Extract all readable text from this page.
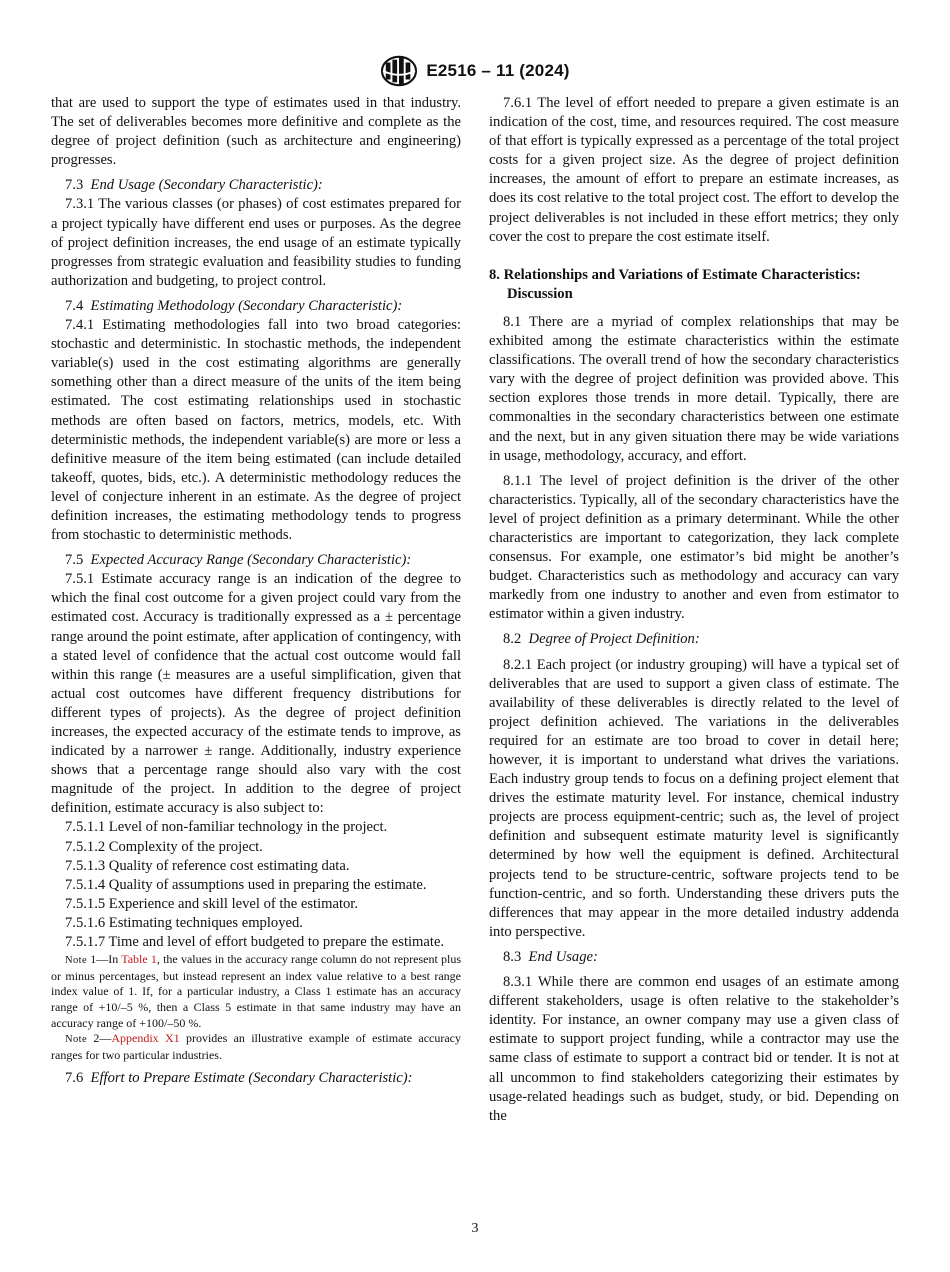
E2516 – 11 (2024)

that are used to support the type of estimates used in that industry. The set of deliverables becomes more definitive and complete as the degree of project definition (such as architecture and engineering) progresses.

7.3 End Usage (Secondary Characteristic):

7.3.1 The various classes (or phases) of cost estimates prepared for a project typically have different end uses or purposes. As the degree of project definition increases, the end usage of an estimate typically progresses from strategic evaluation and feasibility studies to funding authorization and budgeting, to project control.

7.4 Estimating Methodology (Secondary Characteristic):

7.4.1 Estimating methodologies fall into two broad categories: stochastic and deterministic. In stochastic methods, the independent variable(s) used in the cost estimating algorithms are generally something other than a direct measure of the units of the item being estimated. The cost estimating relationships used in stochastic methods are often based on factors, metrics, models, etc. With deterministic methods, the independent variable(s) are more or less a definitive measure of the item being estimated (can include detailed takeoff, quotes, bids, etc.). A deterministic methodology reduces the level of conjecture inherent in an estimate. As the degree of project definition increases, the estimating methodology tends to progress from stochastic to deterministic methods.

7.5 Expected Accuracy Range (Secondary Characteristic):

7.5.1 Estimate accuracy range is an indication of the degree to which the final cost outcome for a given project could vary from the estimated cost. Accuracy is traditionally expressed as a ± percentage range around the point estimate, after application of contingency, with a stated level of confidence that the actual cost outcome would fall within this range (± measures are a useful simplification, given that actual cost outcomes have different frequency distributions for different types of projects). As the degree of project definition increases, the expected accuracy of the estimate tends to improve, as indicated by a narrower ± range. Additionally, industry experience shows that a percentage range should also vary with the cost magnitude of the project. In addition to the degree of project definition, estimate accuracy is also subject to:

7.5.1.1 Level of non-familiar technology in the project.

7.5.1.2 Complexity of the project.

7.5.1.3 Quality of reference cost estimating data.

7.5.1.4 Quality of assumptions used in preparing the estimate.

7.5.1.5 Experience and skill level of the estimator.

7.5.1.6 Estimating techniques employed.

7.5.1.7 Time and level of effort budgeted to prepare the estimate.

Note 1—In Table 1, the values in the accuracy range column do not represent plus or minus percentages, but instead represent an index value relative to a best range index value of 1. If, for a particular industry, a Class 1 estimate has an accuracy range of +10/–5 %, then a Class 5 estimate in that same industry may have an accuracy range of +100/–50 %.

Note 2—Appendix X1 provides an illustrative example of estimate accuracy ranges for two particular industries.

7.6 Effort to Prepare Estimate (Secondary Characteristic):

7.6.1 The level of effort needed to prepare a given estimate is an indication of the cost, time, and resources required. The cost measure of that effort is typically expressed as a percentage of the total project costs for a given project size. As the degree of project definition increases, the amount of effort to prepare an estimate increases, as does its cost relative to the total project cost. The effort to develop the project deliverables is not included in these effort metrics; they only cover the cost to prepare the cost estimate itself.

8. Relationships and Variations of Estimate Characteristics: Discussion

8.1 There are a myriad of complex relationships that may be exhibited among the estimate characteristics within the estimate classifications. The overall trend of how the secondary characteristics vary with the degree of project definition was provided above. This section explores those trends in more detail. Typically, there are commonalties in the secondary characteristics between one estimate and the next, but in any given situation there may be wide variations in usage, methodology, accuracy, and effort.

8.1.1 The level of project definition is the driver of the other characteristics. Typically, all of the secondary characteristics have the level of project definition as a primary determinant. While the other characteristics are important to categorization, they lack complete consensus. For example, one estimator’s bid might be another’s budget. Characteristics such as methodology and accuracy can vary markedly from one industry to another and even from estimator to estimator within a given industry.

8.2 Degree of Project Definition:

8.2.1 Each project (or industry grouping) will have a typical set of deliverables that are used to support a given class of estimate. The availability of these deliverables is directly related to the level of project definition achieved. The variations in the deliverables required for an estimate are too broad to cover in detail here; however, it is important to understand what drives the variations. Each industry group tends to focus on a defining project element that drives the estimate maturity level. For instance, chemical industry projects are process equipment-centric; such as, the level of project definition and subsequent estimate maturity level is significantly determined by how well the equipment is defined. Architectural projects tend to be structure-centric, software projects tend to be function-centric, and so forth. Understanding these drivers puts the differences that may appear in the more detailed industry addenda into perspective.

8.3 End Usage:

8.3.1 While there are common end usages of an estimate among different stakeholders, usage is often relative to the stakeholder’s identity. For instance, an owner company may use a given class of estimate to support project funding, while a contractor may use the same class of estimate to support a contract bid or tender. It is not at all uncommon to find stakeholders categorizing their estimates by usage-related headings such as budget, study, or bid. Depending on the

3
